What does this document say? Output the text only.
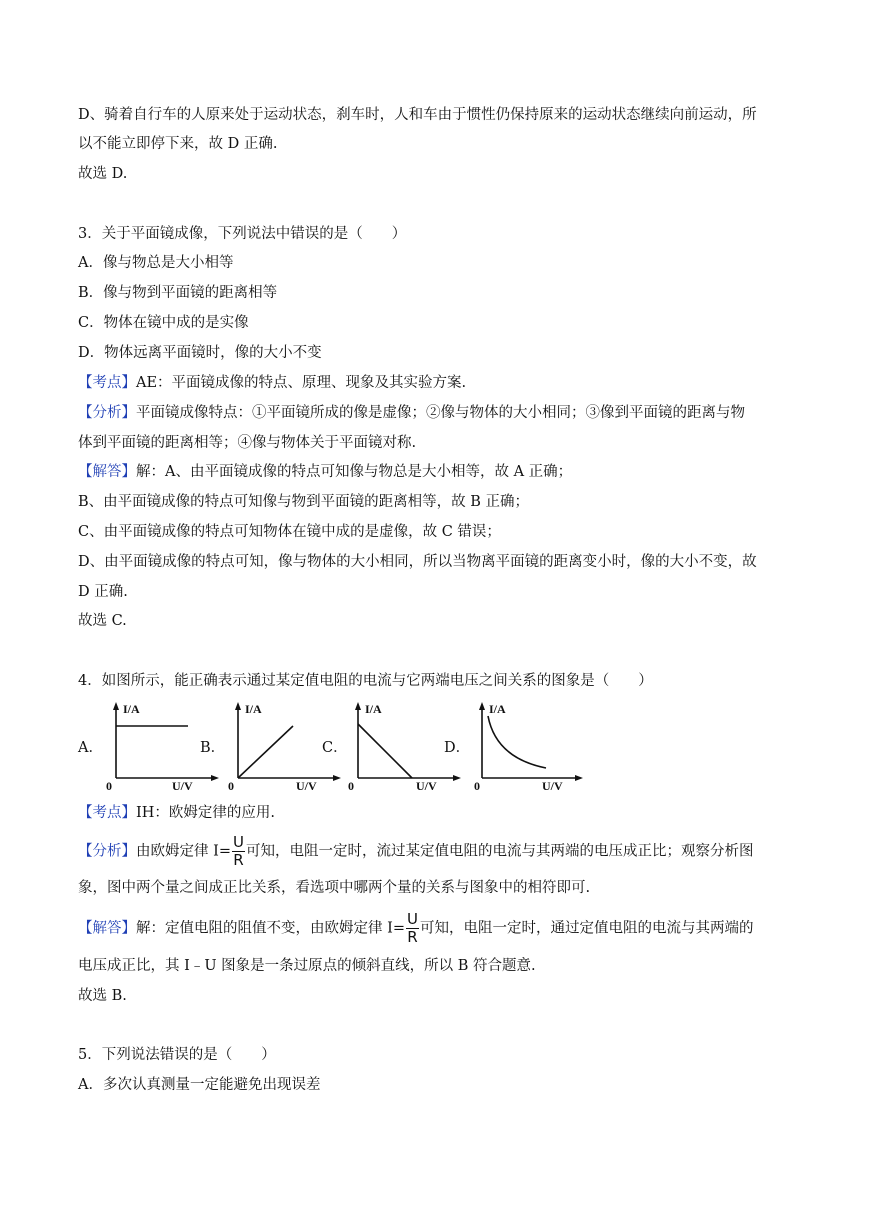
D、骑着自行车的人原来处于运动状态，刹车时，人和车由于惯性仍保持原来的运动状态继续向前运动，所
以不能立即停下来，故 D 正确.
故选 D.
3．关于平面镜成像，下列说法中错误的是（　　）
A．像与物总是大小相等
B．像与物到平面镜的距离相等
C．物体在镜中成的是实像
D．物体远离平面镜时，像的大小不变
【考点】AE：平面镜成像的特点、原理、现象及其实验方案.
【分析】平面镜成像特点：①平面镜所成的像是虚像；②像与物体的大小相同；③像到平面镜的距离与物
体到平面镜的距离相等；④像与物体关于平面镜对称.
【解答】解：A、由平面镜成像的特点可知像与物总是大小相等，故 A 正确；
B、由平面镜成像的特点可知像与物到平面镜的距离相等，故 B 正确；
C、由平面镜成像的特点可知物体在镜中成的是虚像，故 C 错误；
D、由平面镜成像的特点可知，像与物体的大小相同，所以当物离平面镜的距离变小时，像的大小不变，故
D 正确.
故选 C.
4．如图所示，能正确表示通过某定值电阻的电流与它两端电压之间关系的图象是（　　）
A．	B．	C．	D．
I/A
U/V
0
I/A
U/V
0
I/A
U/V
0
I/A
U/V
0
【考点】IH：欧姆定律的应用.
【分析】由欧姆定律 $I= \frac{U}{R}$ 可知，电阻一定时，流过某定值电阻的电流与其两端的电压成正比；观察分析图
象，图中两个量之间成正比关系，看选项中哪两个量的关系与图象中的相符即可.
【解答】解：定值电阻的阻值不变，由欧姆定律 $I= \frac{U}{R}$ 可知，电阻一定时，通过定值电阻的电流与其两端的
电压成正比，其 I﹣U 图象是一条过原点的倾斜直线，所以 B 符合题意.
故选 B.
5．下列说法错误的是（　　）
A．多次认真测量一定能避免出现误差
